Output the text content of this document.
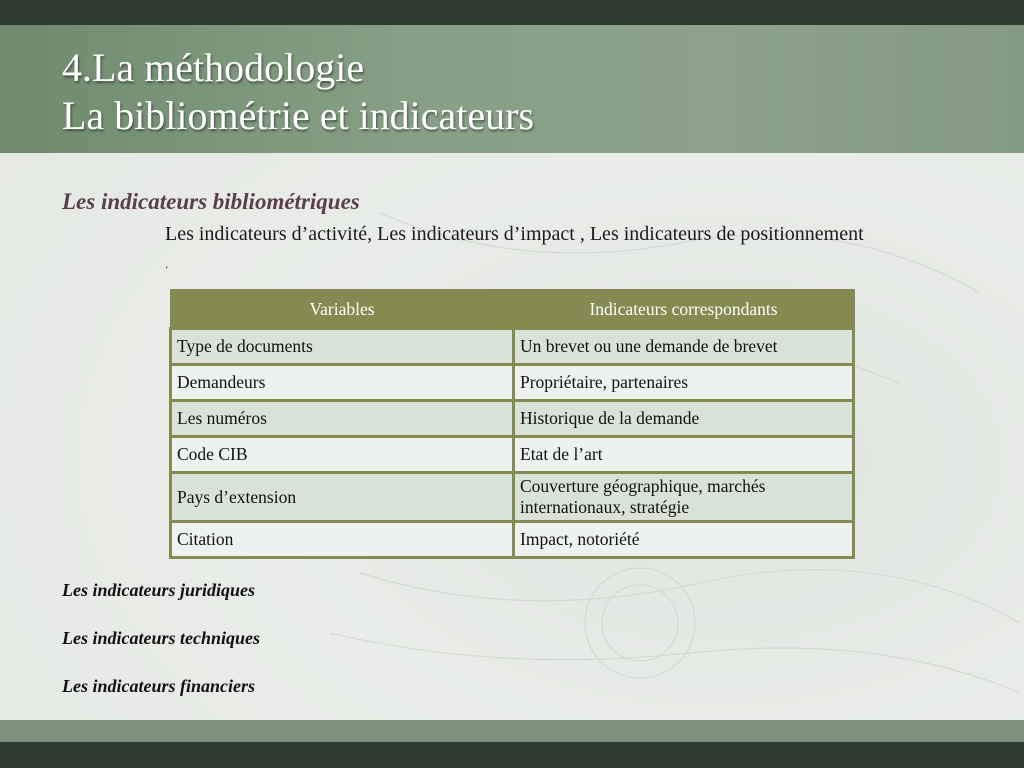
4.La méthodologie
La bibliométrie et indicateurs

Les indicateurs bibliométriques

Les indicateurs d’activité, Les indicateurs d’impact , Les indicateurs de positionnement .

Variables	Indicateurs correspondants
Type de documents	Un brevet ou une demande de brevet
Demandeurs	Propriétaire, partenaires
Les numéros	Historique de la demande
Code CIB	Etat de l’art
Pays d’extension	Couverture géographique, marchés internationaux, stratégie
Citation	Impact, notoriété

Les indicateurs juridiques

Les indicateurs techniques

Les indicateurs financiers
